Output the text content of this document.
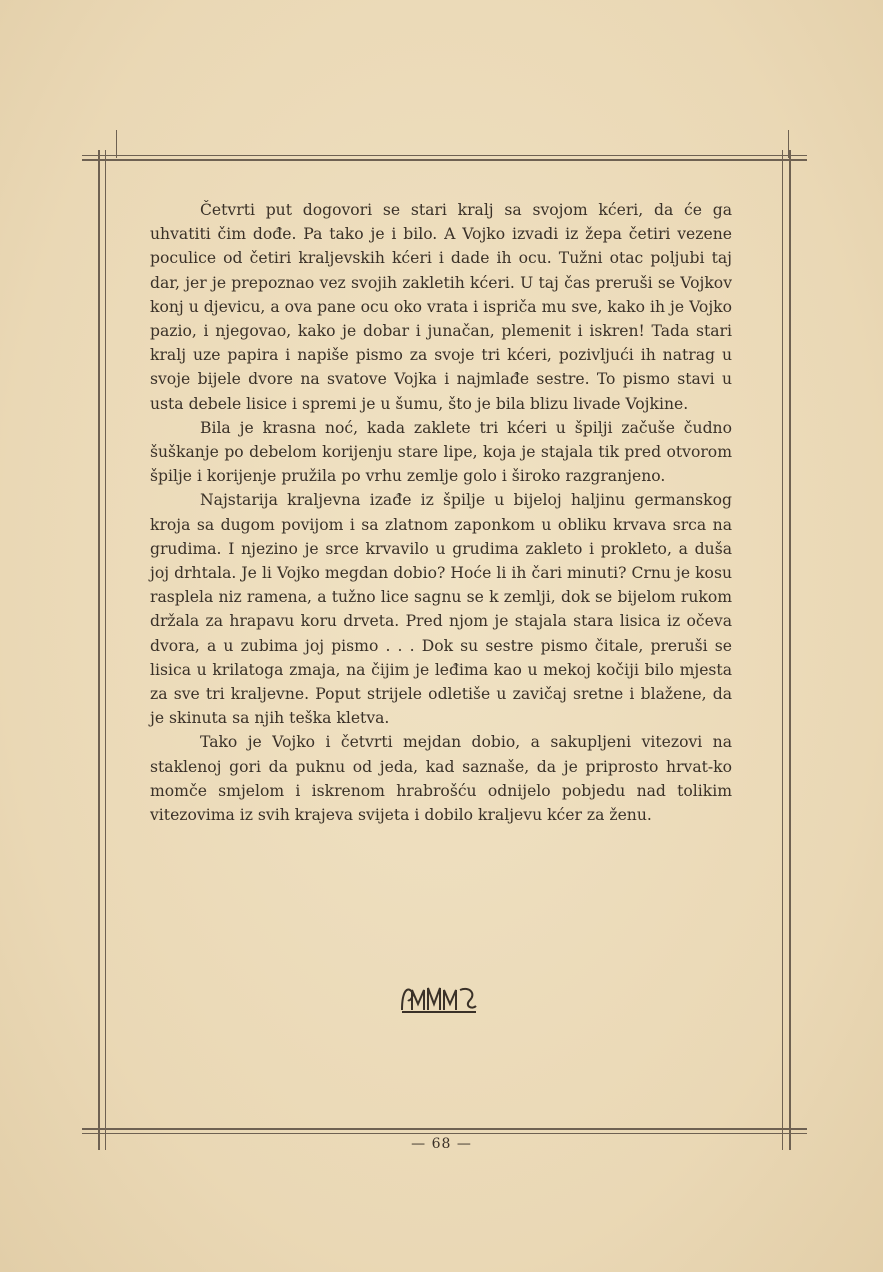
Četvrti put dogovori se stari kralj sa svojom kćeri, da će ga uhvatiti čim dođe. Pa tako je i bilo. A Vojko izvadi iz žepa četiri vezene poculice od četiri kraljevskih kćeri i dade ih ocu. Tužni otac poljubi taj dar, jer je prepoznao vez svojih zakletih kćeri. U taj čas preruši se Vojkov konj u djevicu, a ova pane ocu oko vrata i ispriča mu sve, kako ih je Vojko pazio, i njegovao, kako je dobar i junačan, plemenit i iskren! Tada stari kralj uze papira i napiše pismo za svoje tri kćeri, pozivljući ih natrag u svoje bijele dvore na svatove Vojka i najmlađe sestre. To pismo stavi u usta debele lisice i spremi je u šumu, što je bila blizu livade Vojkine.

Bila je krasna noć, kada zaklete tri kćeri u špilji začuše čudno šuškanje po debelom korijenju stare lipe, koja je stajala tik pred otvorom špilje i korijenje pružila po vrhu zemlje golo i široko razgranjeno.

Najstarija kraljevna izađe iz špilje u bijeloj haljinu germanskog kroja sa dugom povijom i sa zlatnom zaponkom u obliku krvava srca na grudima. I njezino je srce krvavilo u grudima zakleto i prokleto, a duša joj drhtala. Je li Vojko megdan dobio? Hoće li ih čari minuti? Crnu je kosu rasplela niz ramena, a tužno lice sagnu se k zemlji, dok se bijelom rukom držala za hrapavu koru drveta. Pred njom je stajala stara lisica iz očeva dvora, a u zubima joj pismo . . . Dok su sestre pismo čitale, preruši se lisica u krilatoga zmaja, na čijim je leđima kao u mekoj kočiji bilo mjesta za sve tri kraljevne. Poput strijele odletiše u zavičaj sretne i blažene, da je skinuta sa njih teška kletva.

Tako je Vojko i četvrti mejdan dobio, a sakupljeni vitezovi na staklenoj gori da puknu od jeda, kad saznaše, da je priprosto hrvat-ko momče smjelom i iskrenom hrabrošću odnijelo pobjedu nad tolikim vitezovima iz svih krajeva svijeta i dobilo kraljevu kćer za ženu.

— 68 —
